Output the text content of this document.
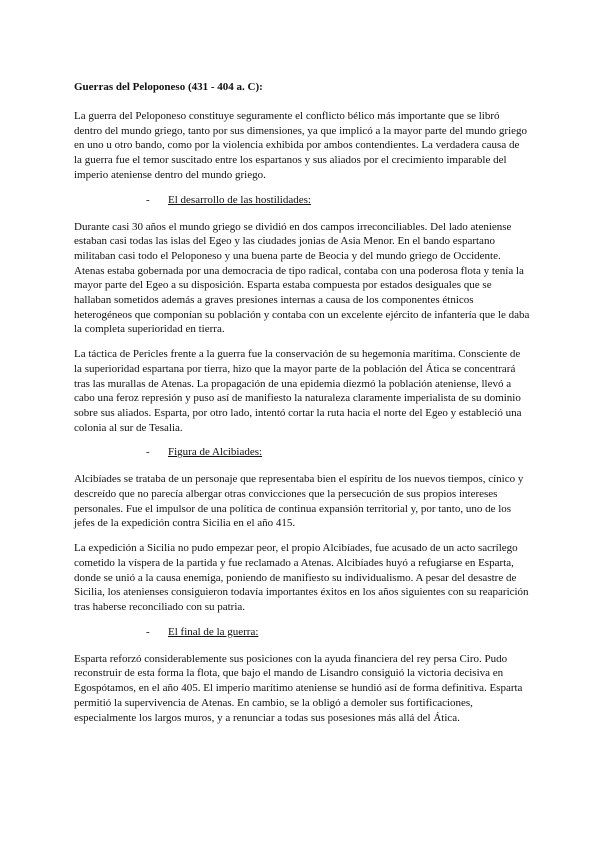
Guerras del Peloponeso (431 - 404 a. C):

La guerra del Peloponeso constituye seguramente el conflicto bélico más importante que se libró dentro del mundo griego, tanto por sus dimensiones, ya que implicó a la mayor parte del mundo griego en uno u otro bando, como por la violencia exhibida por ambos contendientes. La verdadera causa de la guerra fue el temor suscitado entre los espartanos y sus aliados por el crecimiento imparable del imperio ateniense dentro del mundo griego.

-	El desarrollo de las hostilidades:

Durante casi 30 años el mundo griego se dividió en dos campos irreconciliables. Del lado ateniense estaban casi todas las islas del Egeo y las ciudades jonias de Asia Menor. En el bando espartano militaban casi todo el Peloponeso y una buena parte de Beocia y del mundo griego de Occidente. Atenas estaba gobernada por una democracia de tipo radical, contaba con una poderosa flota y tenía la mayor parte del Egeo a su disposición. Esparta estaba compuesta por estados desiguales que se hallaban sometidos además a graves presiones internas a causa de los componentes étnicos heterogéneos que componían su población y contaba con un excelente ejército de infantería que le daba la completa superioridad en tierra.

La táctica de Pericles frente a la guerra fue la conservación de su hegemonía marítima. Consciente de la superioridad espartana por tierra, hizo que la mayor parte de la población del Ática se concentrará tras las murallas de Atenas. La propagación de una epidemia diezmó la población ateniense, llevó a cabo una feroz represión y puso así de manifiesto la naturaleza claramente imperialista de su dominio sobre sus aliados. Esparta, por otro lado, intentó cortar la ruta hacia el norte del Egeo y estableció una colonia al sur de Tesalia.

-	Figura de Alcibiades:

Alcibíades se trataba de un personaje que representaba bien el espíritu de los nuevos tiempos, cínico y descreído que no parecía albergar otras convicciones que la persecución de sus propios intereses personales. Fue el impulsor de una política de continua expansión territorial y, por tanto, uno de los jefes de la expedición contra Sicilia en el año 415.

La expedición a Sicilia no pudo empezar peor, el propio Alcibíades, fue acusado de un acto sacrílego cometido la víspera de la partida y fue reclamado a Atenas. Alcibíades huyó a refugiarse en Esparta, donde se unió a la causa enemiga, poniendo de manifiesto su individualismo. A pesar del desastre de Sicilia, los atenienses consiguieron todavía importantes éxitos en los años siguientes con su reaparición tras haberse reconciliado con su patria.

-	El final de la guerra:

Esparta reforzó considerablemente sus posiciones con la ayuda financiera del rey persa Ciro. Pudo reconstruir de esta forma la flota, que bajo el mando de Lisandro consiguió la victoria decisiva en Egospótamos, en el año 405. El imperio marítimo ateniense se hundió así de forma definitiva. Esparta permitió la supervivencia de Atenas. En cambio, se la obligó a demoler sus fortificaciones, especialmente los largos muros, y a renunciar a todas sus posesiones más allá del Ática.
